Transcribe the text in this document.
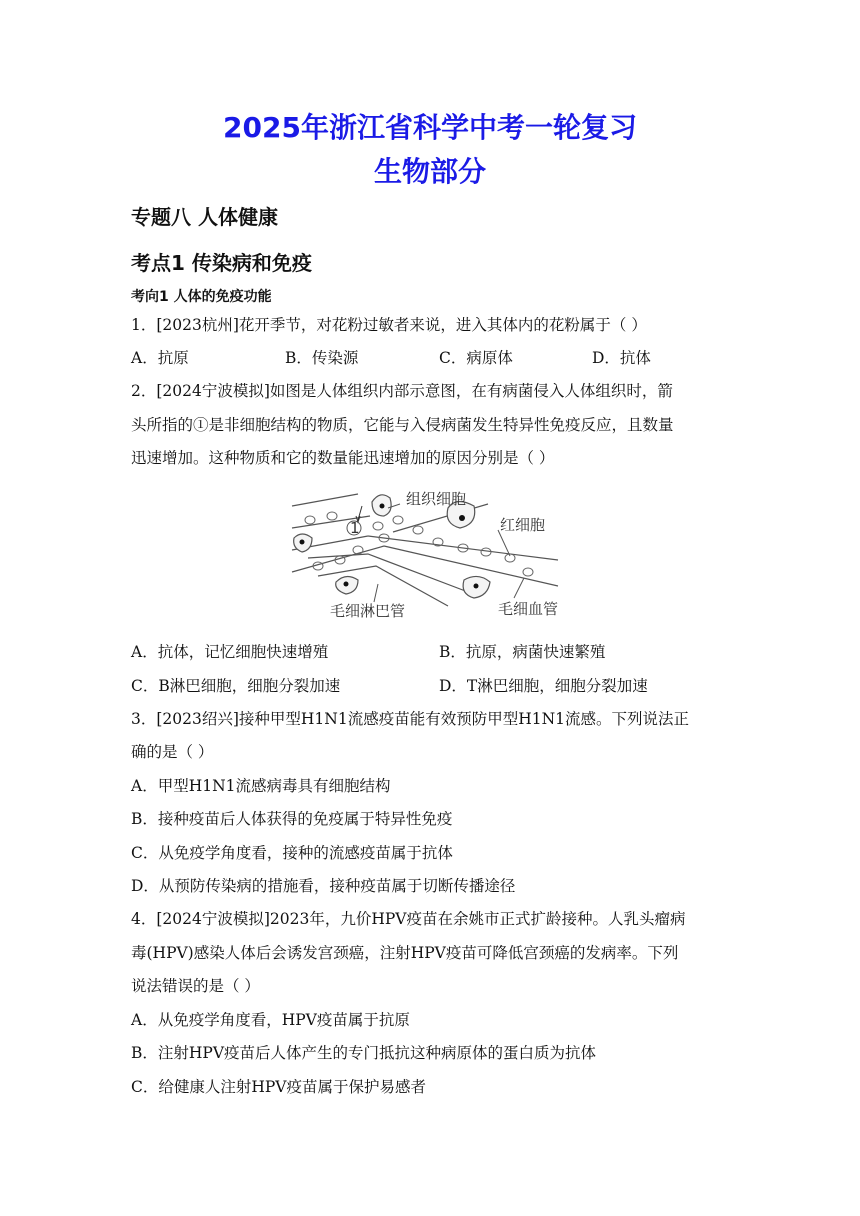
2025年浙江省科学中考一轮复习
生物部分
专题八 人体健康
考点1 传染病和免疫
考向1 人体的免疫功能
1．[2023杭州]花开季节，对花粉过敏者来说，进入其体内的花粉属于（ ）
A．抗原	B．传染源	C．病原体	D．抗体
2．[2024宁波模拟]如图是人体组织内部示意图，在有病菌侵入人体组织时，箭
头所指的①是非细胞结构的物质，它能与入侵病菌发生特异性免疫反应，且数量
迅速增加。这种物质和它的数量能迅速增加的原因分别是（ ）
1
组织细胞
红细胞
毛细淋巴管	毛细血管
A．抗体，记忆细胞快速增殖	B．抗原，病菌快速繁殖
C．B淋巴细胞，细胞分裂加速	D．T淋巴细胞，细胞分裂加速
3．[2023绍兴]接种甲型H1N1流感疫苗能有效预防甲型H1N1流感。下列说法正
确的是（ ）
A．甲型H1N1流感病毒具有细胞结构
B．接种疫苗后人体获得的免疫属于特异性免疫
C．从免疫学角度看，接种的流感疫苗属于抗体
D．从预防传染病的措施看，接种疫苗属于切断传播途径
4．[2024宁波模拟]2023年，九价HPV疫苗在余姚市正式扩龄接种。人乳头瘤病
毒(HPV)感染人体后会诱发宫颈癌，注射HPV疫苗可降低宫颈癌的发病率。下列
说法错误的是（ ）
A．从免疫学角度看，HPV疫苗属于抗原
B．注射HPV疫苗后人体产生的专门抵抗这种病原体的蛋白质为抗体
C．给健康人注射HPV疫苗属于保护易感者
